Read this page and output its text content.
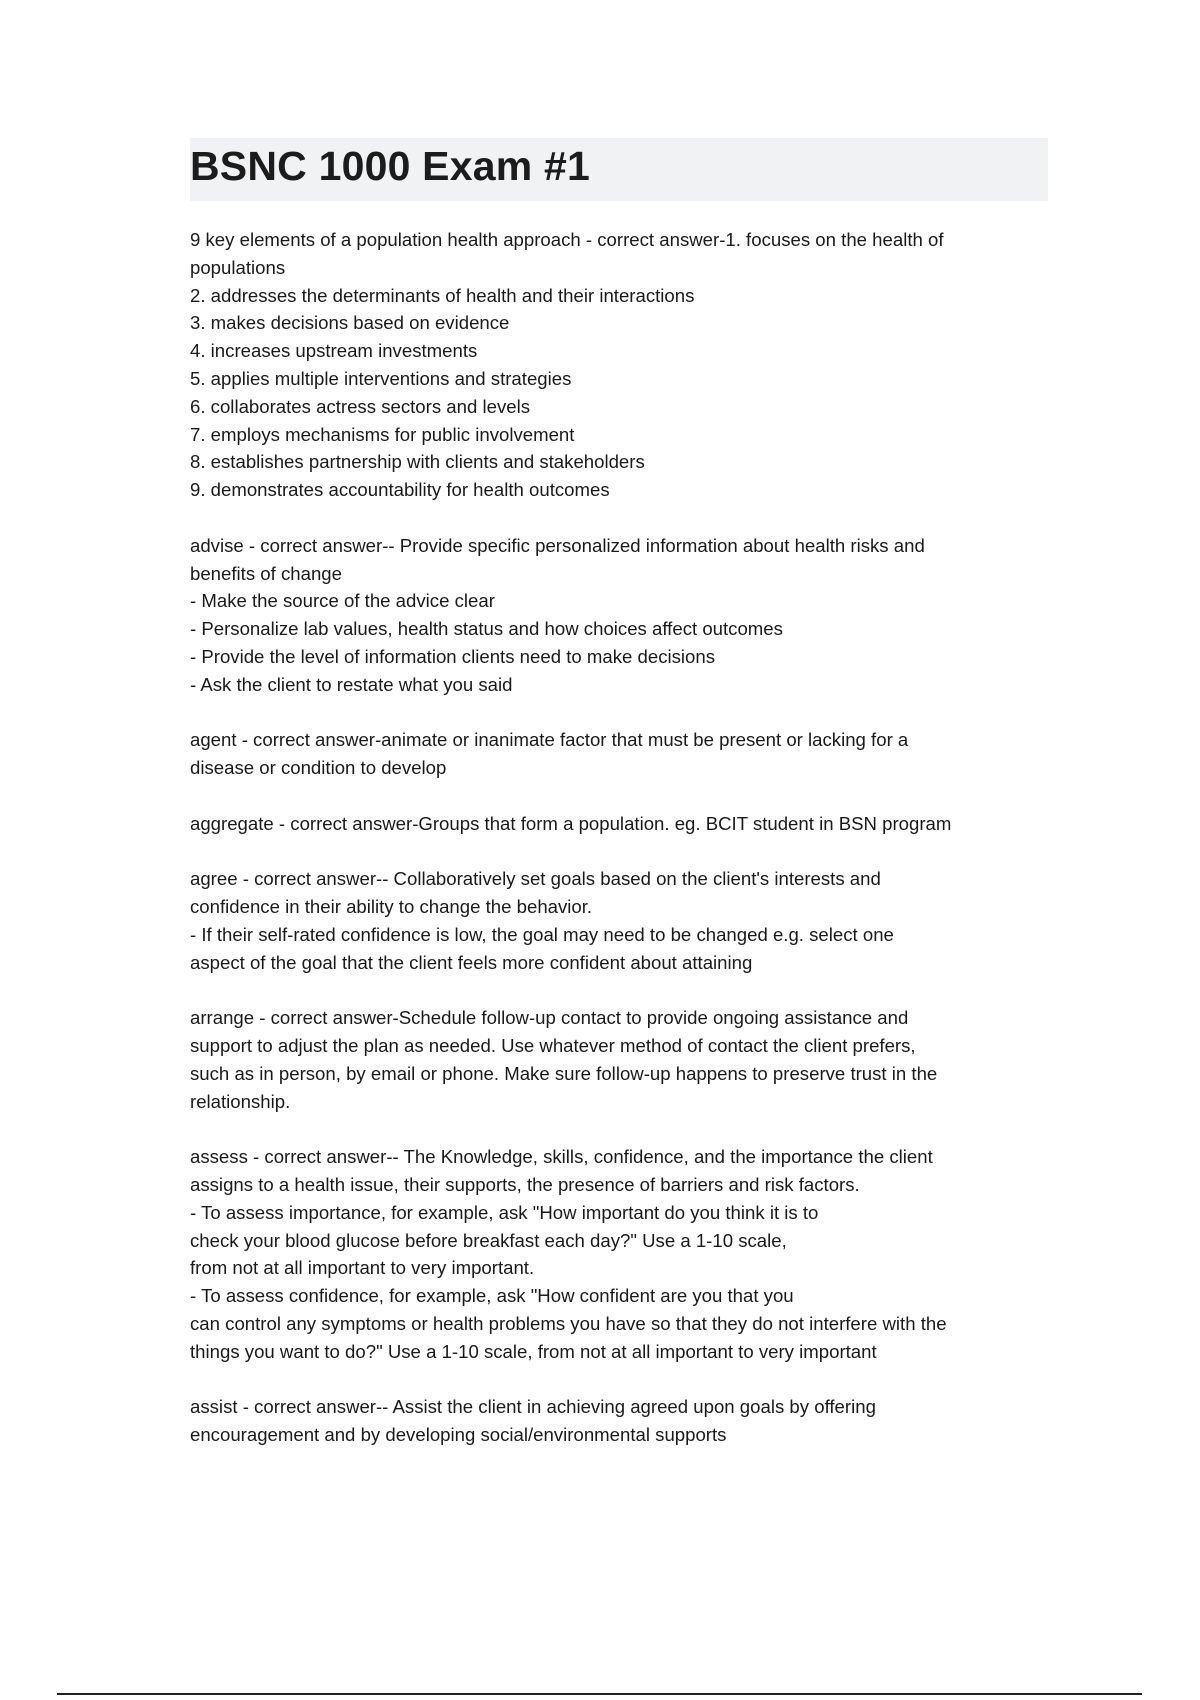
BSNC 1000 Exam #1
9 key elements of a population health approach - correct answer-1. focuses on the health of
populations
2. addresses the determinants of health and their interactions
3. makes decisions based on evidence
4. increases upstream investments
5. applies multiple interventions and strategies
6. collaborates actress sectors and levels
7. employs mechanisms for public involvement
8. establishes partnership with clients and stakeholders
9. demonstrates accountability for health outcomes
advise - correct answer-- Provide specific personalized information about health risks and
benefits of change
- Make the source of the advice clear
- Personalize lab values, health status and how choices affect outcomes
- Provide the level of information clients need to make decisions
- Ask the client to restate what you said
agent - correct answer-animate or inanimate factor that must be present or lacking for a
disease or condition to develop
aggregate - correct answer-Groups that form a population. eg. BCIT student in BSN program
agree - correct answer-- Collaboratively set goals based on the client's interests and
confidence in their ability to change the behavior.
- If their self-rated confidence is low, the goal may need to be changed e.g. select one
aspect of the goal that the client feels more confident about attaining
arrange - correct answer-Schedule follow-up contact to provide ongoing assistance and
support to adjust the plan as needed. Use whatever method of contact the client prefers,
such as in person, by email or phone. Make sure follow-up happens to preserve trust in the
relationship.
assess - correct answer-- The Knowledge, skills, confidence, and the importance the client
assigns to a health issue, their supports, the presence of barriers and risk factors.
- To assess importance, for example, ask "How important do you think it is to
check your blood glucose before breakfast each day?" Use a 1-10 scale,
from not at all important to very important.
- To assess confidence, for example, ask "How confident are you that you
can control any symptoms or health problems you have so that they do not interfere with the
things you want to do?" Use a 1-10 scale, from not at all important to very important
assist - correct answer-- Assist the client in achieving agreed upon goals by offering
encouragement and by developing social/environmental supports
